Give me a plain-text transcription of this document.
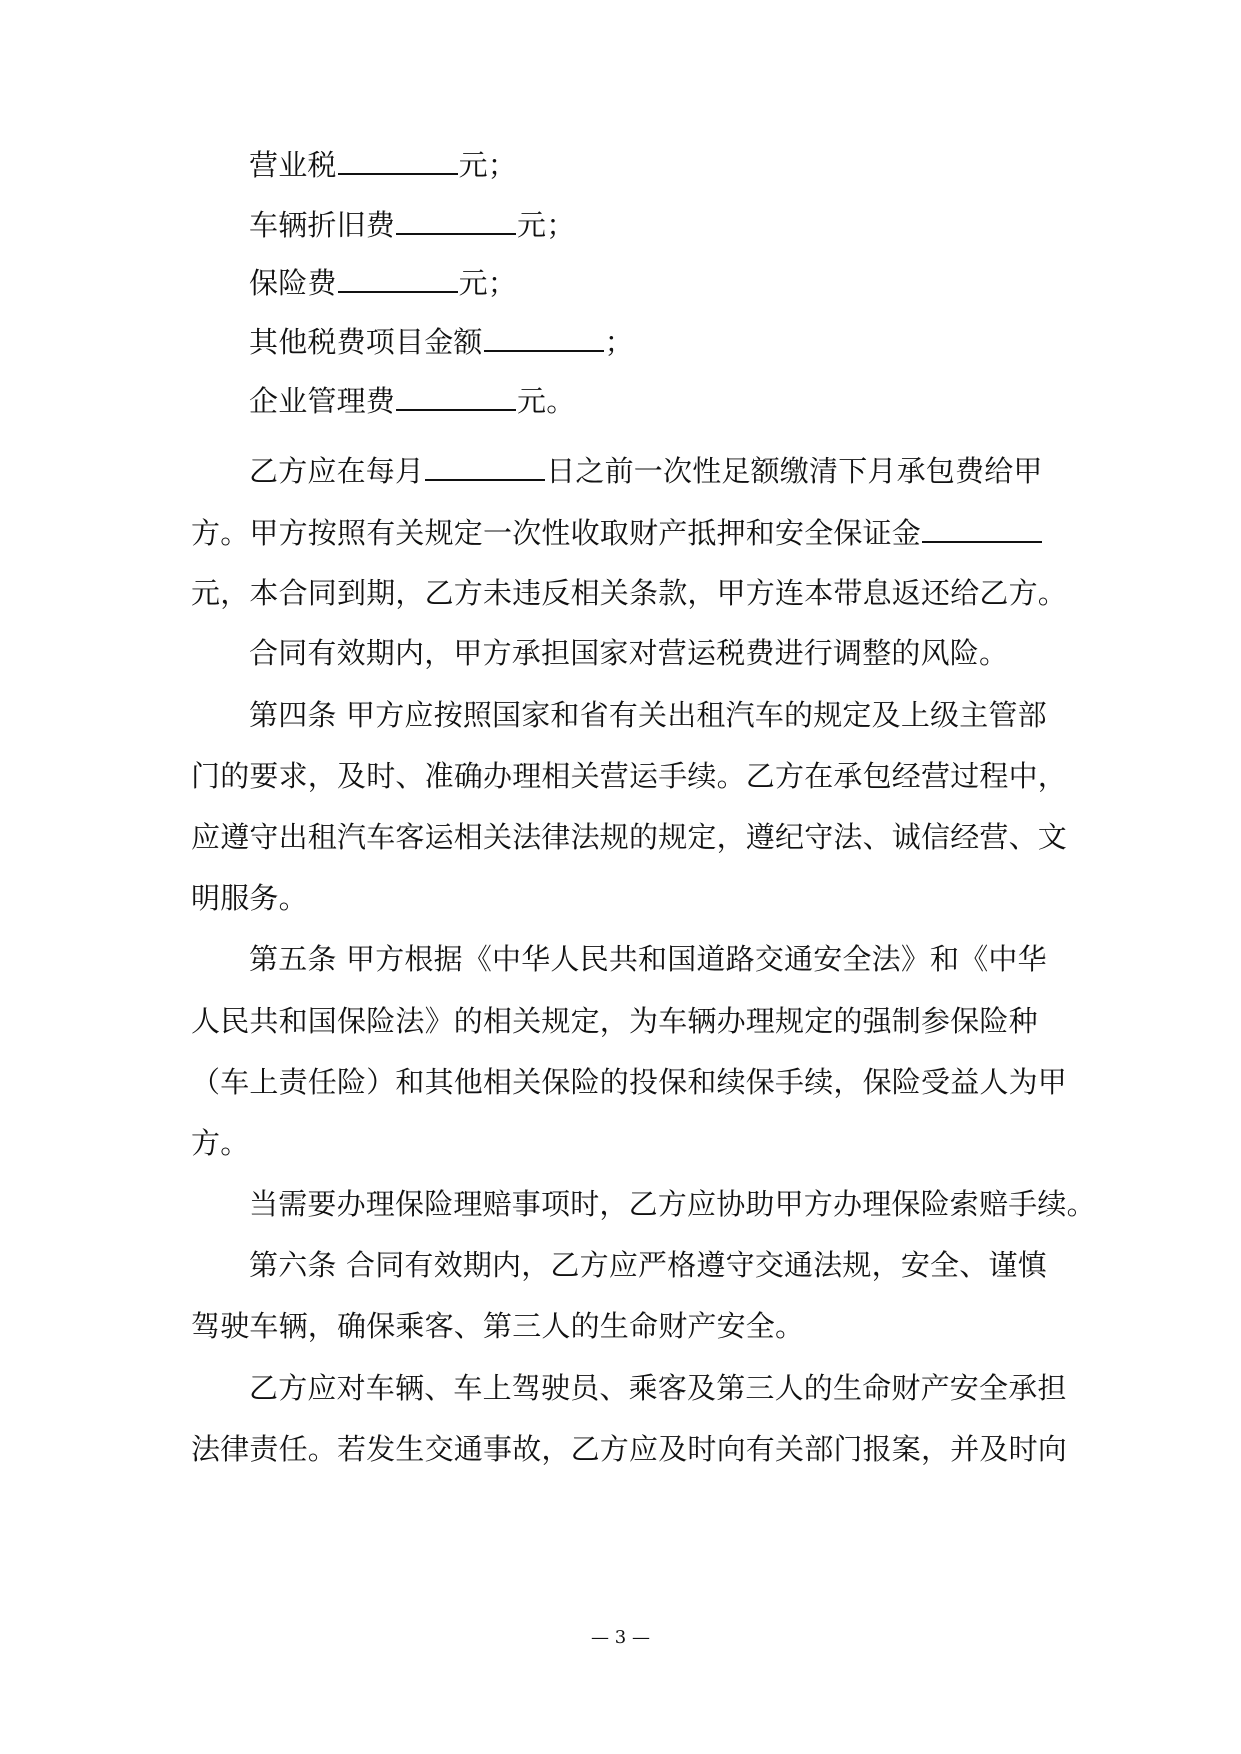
营业税	元；
车辆折旧费	元；
保险费	元；
其他税费项目金额	；
企业管理费	元。
乙方应在每月	日之前一次性足额缴清下月承包费给甲
方。甲方按照有关规定一次性收取财产抵押和安全保证金
元，本合同到期，乙方未违反相关条款，甲方连本带息返还给乙方。
合同有效期内，甲方承担国家对营运税费进行调整的风险。
第四条 甲方应按照国家和省有关出租汽车的规定及上级主管部
门的要求，及时、准确办理相关营运手续。乙方在承包经营过程中，
应遵守出租汽车客运相关法律法规的规定，遵纪守法、诚信经营、文
明服务。
第五条 甲方根据《中华人民共和国道路交通安全法》和《中华
人民共和国保险法》的相关规定，为车辆办理规定的强制参保险种
（车上责任险）和其他相关保险的投保和续保手续，保险受益人为甲
方。
当需要办理保险理赔事项时，乙方应协助甲方办理保险索赔手续。
第六条 合同有效期内，乙方应严格遵守交通法规，安全、谨慎
驾驶车辆，确保乘客、第三人的生命财产安全。
乙方应对车辆、车上驾驶员、乘客及第三人的生命财产安全承担
法律责任。若发生交通事故，乙方应及时向有关部门报案，并及时向
— 3 —
